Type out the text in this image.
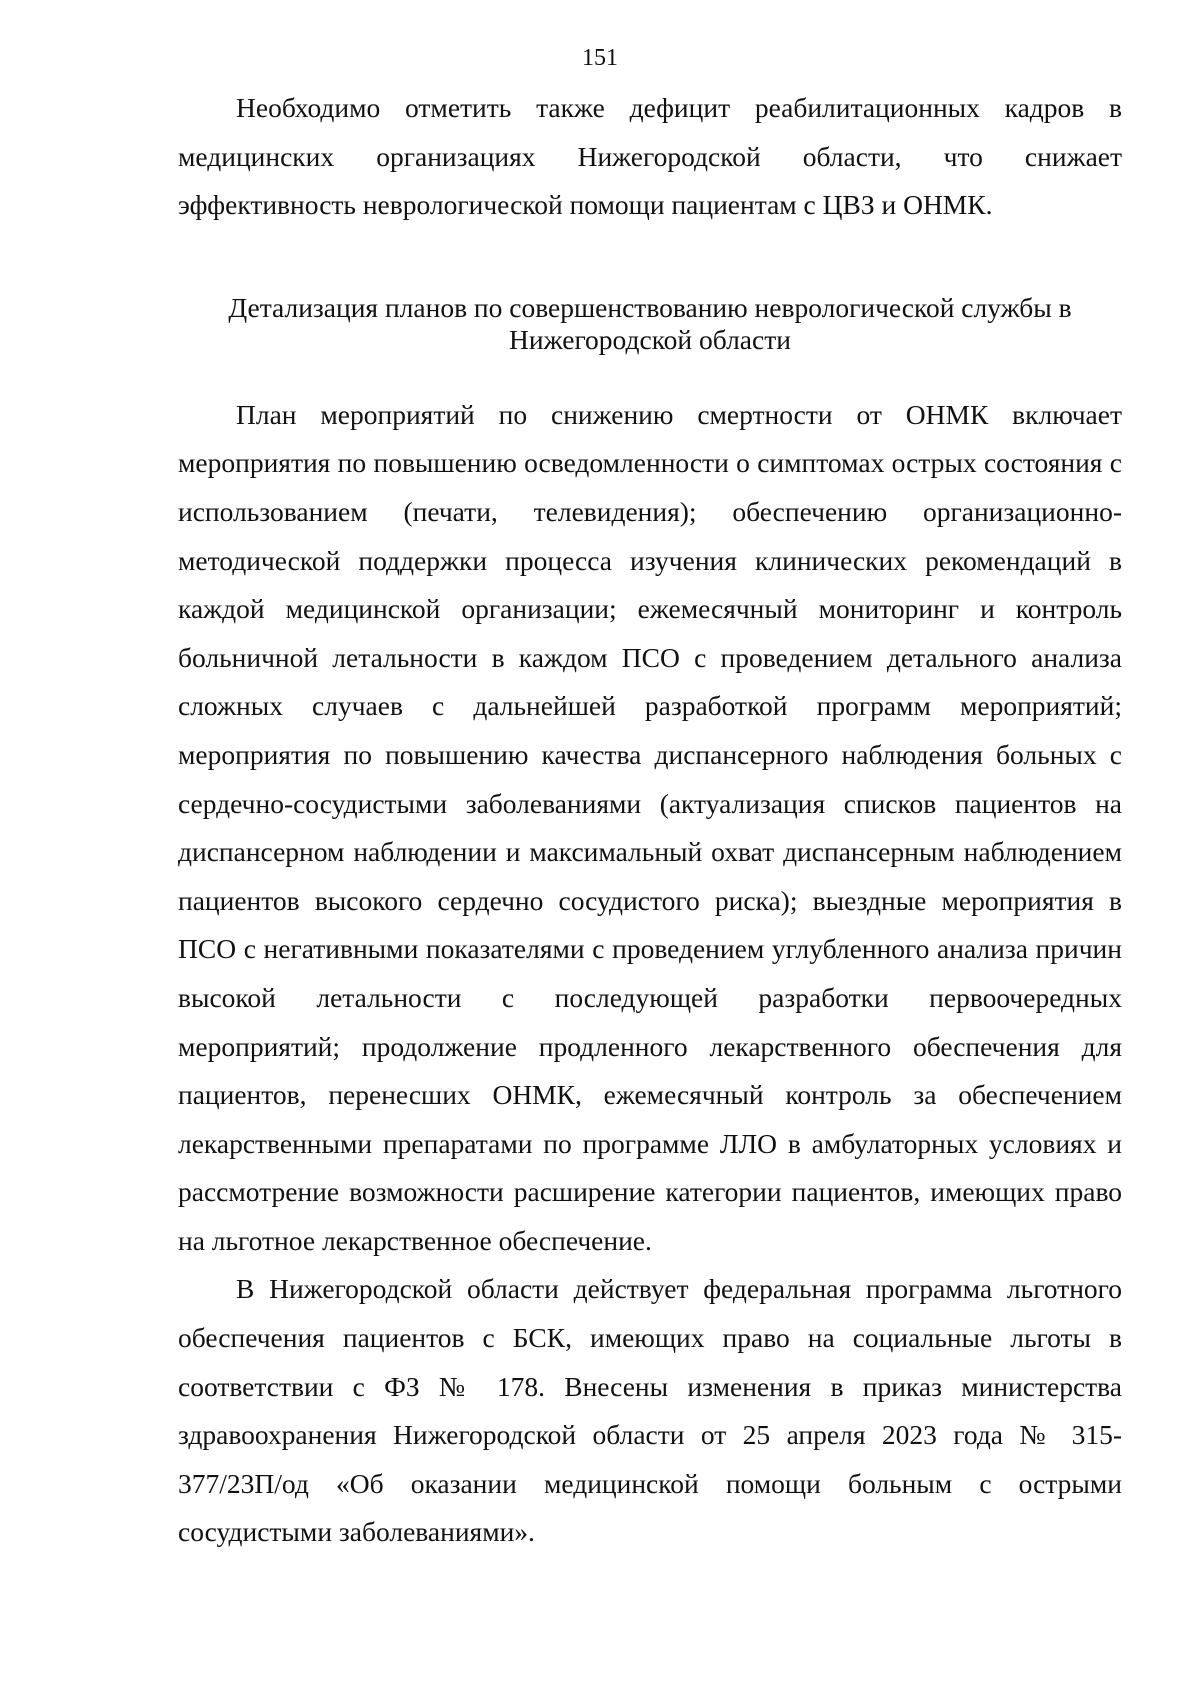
151

Необходимо отметить также дефицит реабилитационных кадров в медицинских организациях Нижегородской области, что снижает эффективность неврологической помощи пациентам с ЦВЗ и ОНМК.

Детализация планов по совершенствованию неврологической службы в
Нижегородской области

План мероприятий по снижению смертности от ОНМК включает мероприятия по повышению осведомленности о симптомах острых состояния с использованием (печати, телевидения); обеспечению организационно-методической поддержки процесса изучения клинических рекомендаций в каждой медицинской организации; ежемесячный мониторинг и контроль больничной летальности в каждом ПСО с проведением детального анализа сложных случаев с дальнейшей разработкой программ мероприятий; мероприятия по повышению качества диспансерного наблюдения больных с сердечно-сосудистыми заболеваниями (актуализация списков пациентов на диспансерном наблюдении и максимальный охват диспансерным наблюдением пациентов высокого сердечно сосудистого риска); выездные мероприятия в ПСО с негативными показателями с проведением углубленного анализа причин высокой летальности с последующей разработки первоочередных мероприятий; продолжение продленного лекарственного обеспечения для пациентов, перенесших ОНМК, ежемесячный контроль за обеспечением лекарственными препаратами по программе ЛЛО в амбулаторных условиях и рассмотрение возможности расширение категории пациентов, имеющих право на льготное лекарственное обеспечение.

В Нижегородской области действует федеральная программа льготного обеспечения пациентов с БСК, имеющих право на социальные льготы в соответствии с ФЗ № 178. Внесены изменения в приказ министерства здравоохранения Нижегородской области от 25 апреля 2023 года № 315-377/23П/од «Об оказании медицинской помощи больным с острыми сосудистыми заболеваниями».
